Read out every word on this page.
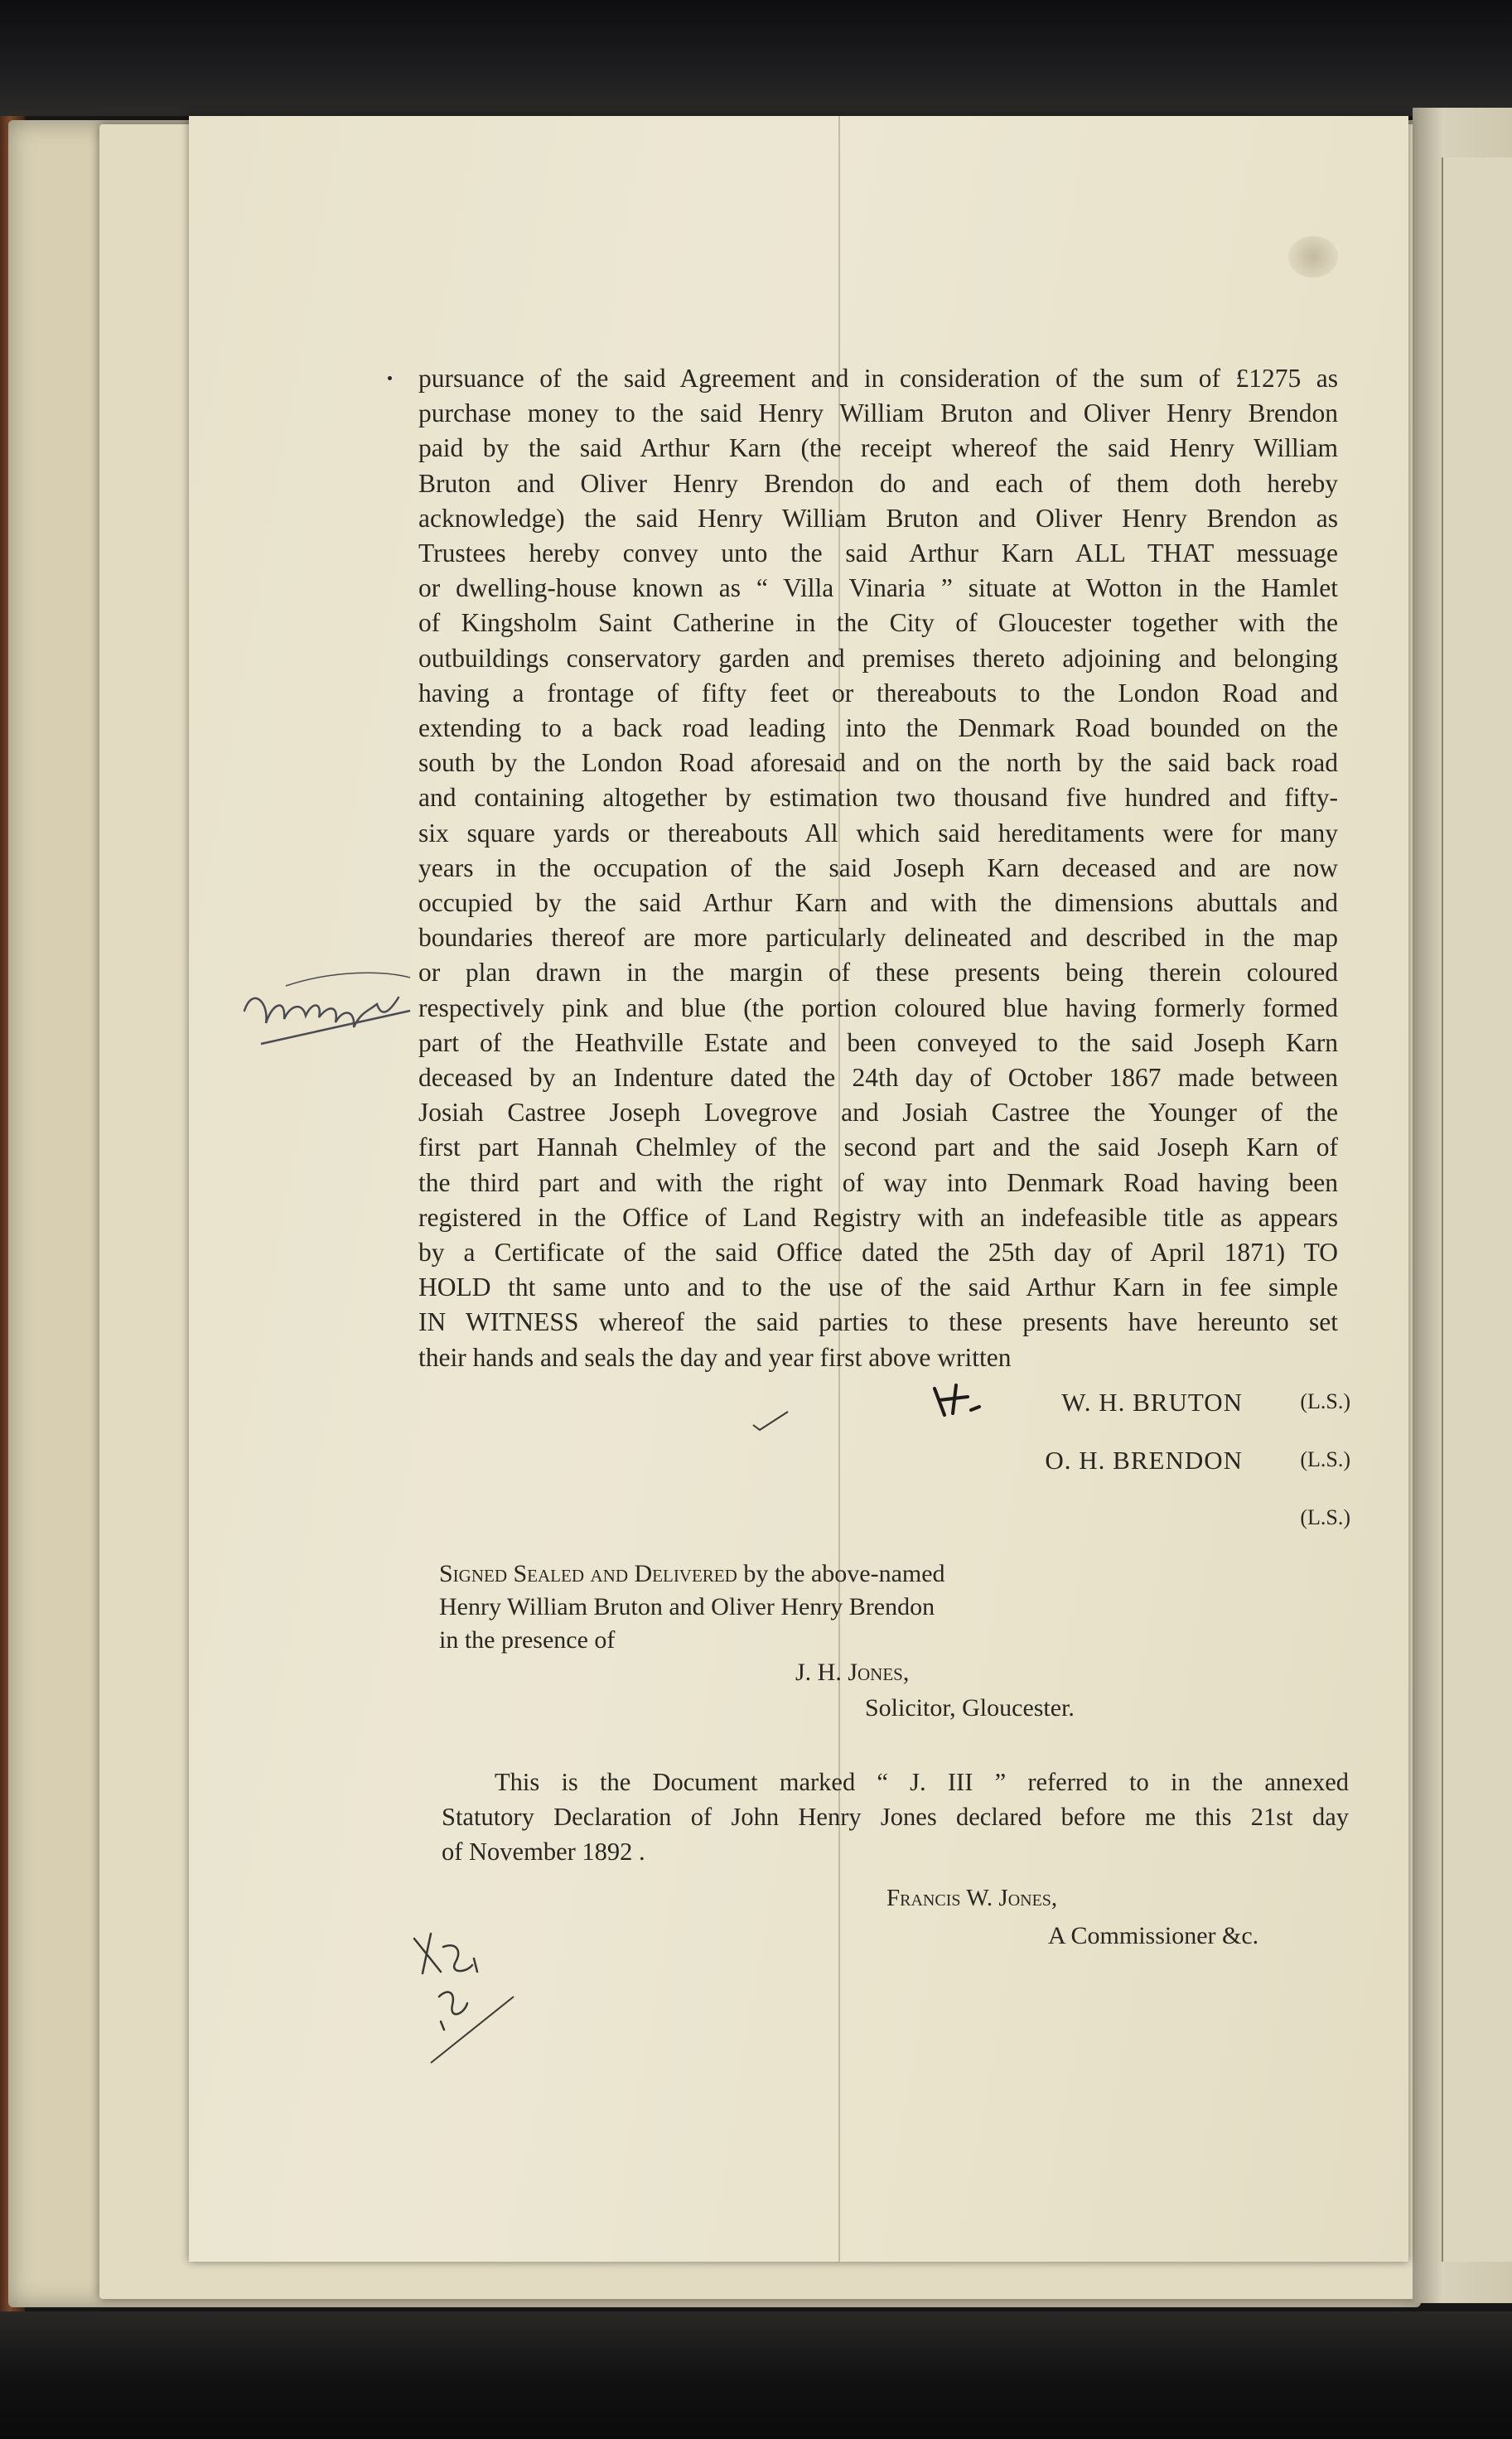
pursuance of the said Agreement and in consideration of the sum of £1275 as
purchase money to the said Henry William Bruton and Oliver Henry Brendon
paid by the said Arthur Karn (the receipt whereof the said Henry William
Bruton and Oliver Henry Brendon do and each of them doth hereby
acknowledge) the said Henry William Bruton and Oliver Henry Brendon as
Trustees hereby convey unto the said Arthur Karn ALL THAT messuage
or dwelling-house known as “ Villa Vinaria ” situate at Wotton in the Hamlet
of Kingsholm Saint Catherine in the City of Gloucester together with the
outbuildings conservatory garden and premises thereto adjoining and belonging
having a frontage of fifty feet or thereabouts to the London Road and
extending to a back road leading into the Denmark Road bounded on the
south by the London Road aforesaid and on the north by the said back road
and containing altogether by estimation two thousand five hundred and fifty-
six square yards or thereabouts All which said hereditaments were for many
years in the occupation of the said Joseph Karn deceased and are now
occupied by the said Arthur Karn and with the dimensions abuttals and
boundaries thereof are more particularly delineated and described in the map
or plan drawn in the margin of these presents being therein coloured
respectively pink and blue (the portion coloured blue having formerly formed
part of the Heathville Estate and been conveyed to the said Joseph Karn
deceased by an Indenture dated the 24th day of October 1867 made between
Josiah Castree Joseph Lovegrove and Josiah Castree the Younger of the
first part Hannah Chelmley of the second part and the said Joseph Karn of
the third part and with the right of way into Denmark Road having been
registered in the Office of Land Registry with an indefeasible title as appears
by a Certificate of the said Office dated the 25th day of April 1871) TO
HOLD tht same unto and to the use of the said Arthur Karn in fee simple
IN WITNESS whereof the said parties to these presents have hereunto set
their hands and seals the day and year first above written
W. H. BRUTON	(L.S.)
O. H. BRENDON	(L.S.)
(L.S.)
Signed Sealed and Delivered by the above-named
Henry William Bruton and Oliver Henry Brendon
in the presence of
J. H. Jones,
Solicitor, Gloucester.
This is the Document marked “ J. III ” referred to in the annexed
Statutory Declaration of John Henry Jones declared before me this 21st day
of November 1892 .
Francis W. Jones,
A Commissioner &c.
